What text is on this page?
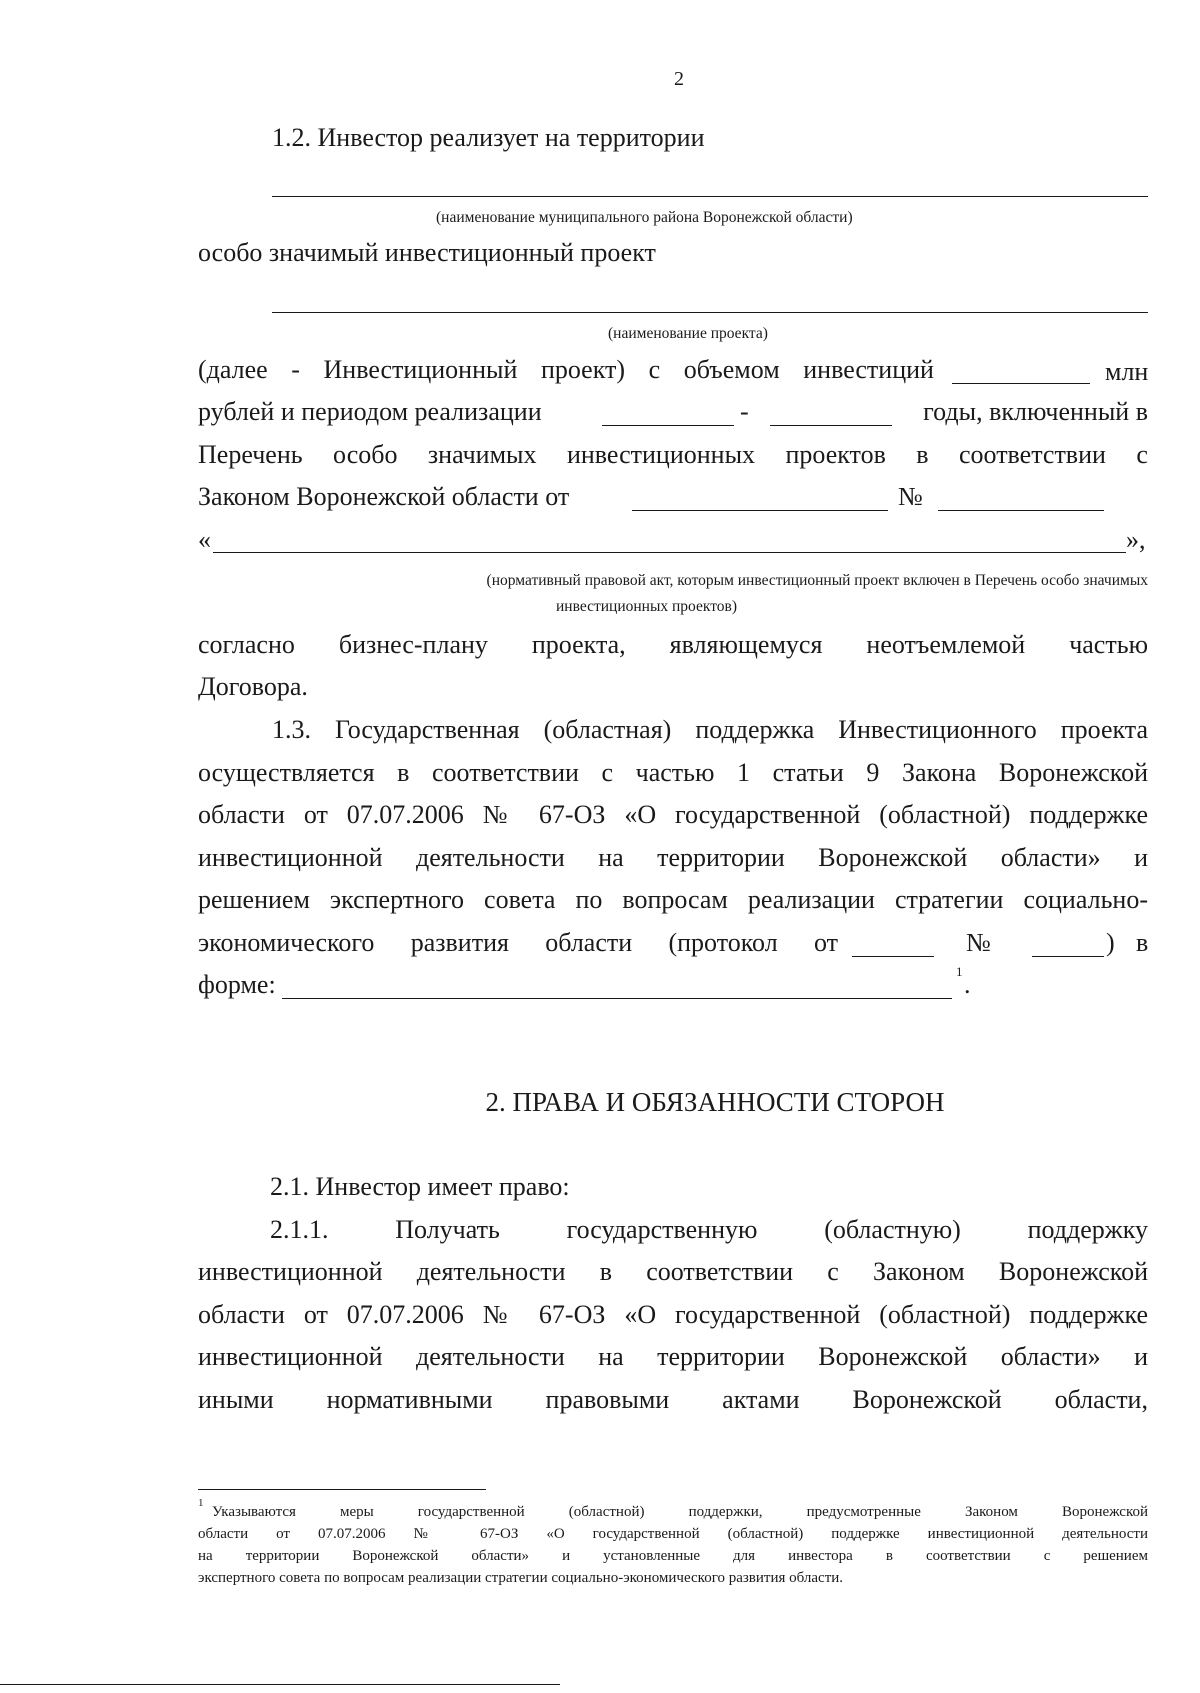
2
1.2. Инвестор реализует на территории
(наименование муниципального района Воронежской области)
особо значимый инвестиционный проект
(наименование проекта)
(далее - Инвестиционный проект) с объемом инвестиций	млн
рублей и периодом реализации	-	годы, включенный в
Перечень особо значимых инвестиционных проектов в соответствии с
Законом Воронежской области от	№
«	»,
(нормативный правовой акт, которым инвестиционный проект включен в Перечень особо значимых
инвестиционных проектов)
согласно бизнес-плану проекта, являющемуся неотъемлемой частью
Договора.
1.3. Государственная (областная) поддержка Инвестиционного проекта
осуществляется в соответствии с частью 1 статьи 9 Закона Воронежской
области от 07.07.2006 № 67-ОЗ «О государственной (областной) поддержке
инвестиционной деятельности на территории Воронежской области» и
решением экспертного совета по вопросам реализации стратегии социально-
экономического развития области (протокол от	№	) в
форме:	1 .
2. ПРАВА И ОБЯЗАННОСТИ СТОРОН
2.1. Инвестор имеет право:
2.1.1.	Получать	государственную	(областную)	поддержку
инвестиционной деятельности в соответствии с Законом Воронежской
области от 07.07.2006 № 67-ОЗ «О государственной (областной) поддержке
инвестиционной деятельности на территории Воронежской области» и
иными нормативными правовыми актами Воронежской области,
1
Указываются меры государственной (областной) поддержки, предусмотренные Законом Воронежской
области от 07.07.2006 № 67-ОЗ «О государственной (областной) поддержке инвестиционной деятельности
на территории Воронежской области» и установленные для инвестора в соответствии с решением
экспертного совета по вопросам реализации стратегии социально-экономического развития области.
